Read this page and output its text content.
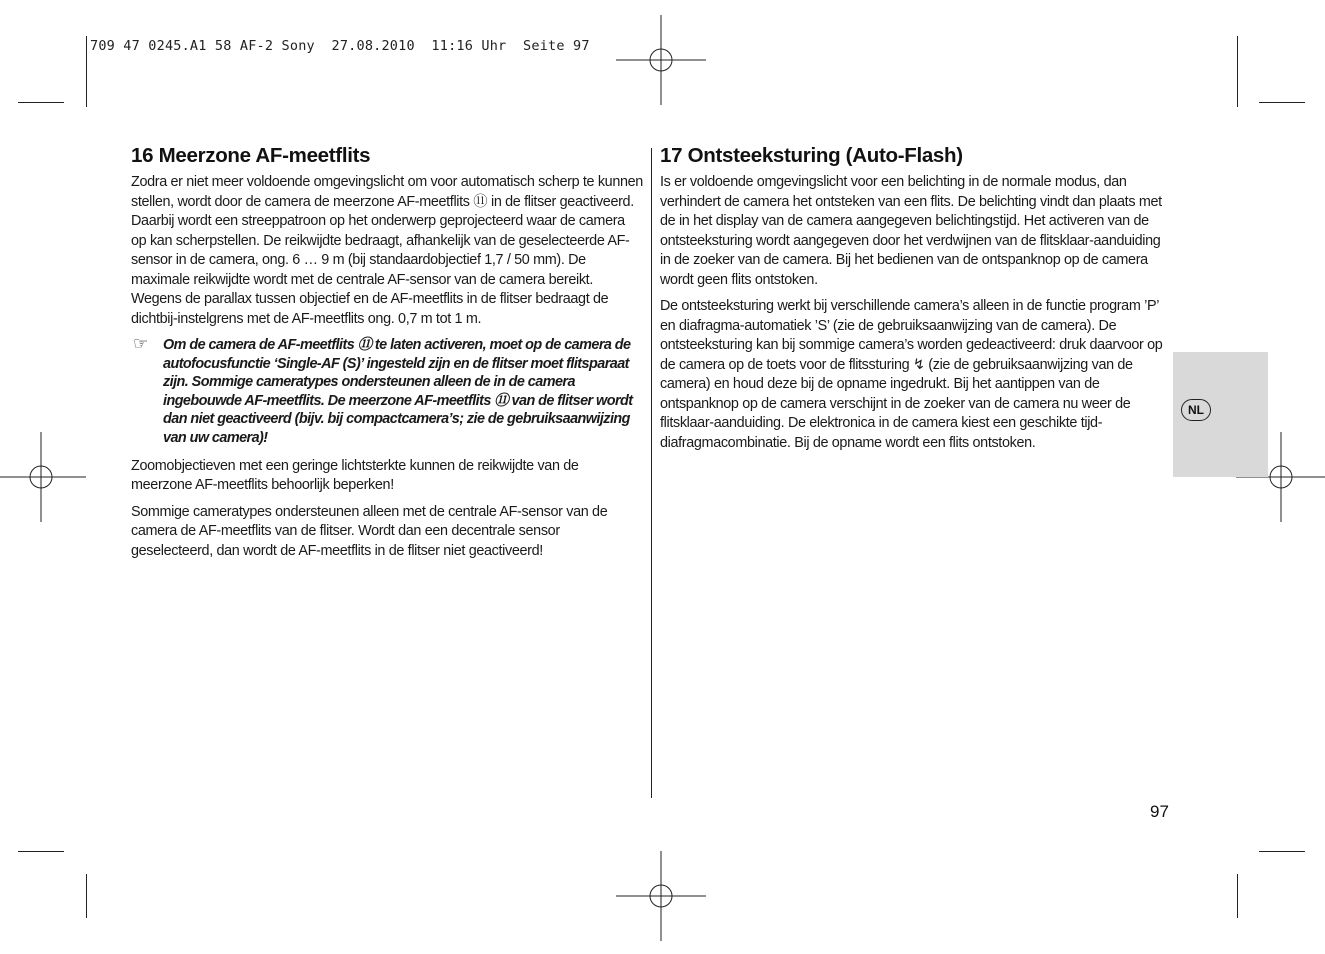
709 47 0245.A1 58 AF-2 Sony  27.08.2010  11:16 Uhr  Seite 97
16 Meerzone AF-meetflits

Zodra er niet meer voldoende omgevingslicht om voor automatisch scherp te kunnen stellen, wordt door de camera de meerzone AF-meetflits ⑪ in de flitser geactiveerd. Daarbij wordt een streeppatroon op het onderwerp geprojecteerd waar de camera op kan scherpstellen. De reikwijdte bedraagt, afhankelijk van de geselecteerde AF-sensor in de camera, ong. 6 … 9 m (bij standaardobjectief 1,7 / 50 mm). De maximale reikwijdte wordt met de centrale AF-sensor van de camera bereikt. Wegens de parallax tussen objectief en de AF-meetflits in de flitser bedraagt de dichtbij-instelgrens met de AF-meetflits ong. 0,7 m tot 1 m.

☞ Om de camera de AF-meetflits ⑪ te laten activeren, moet op de camera de autofocusfunctie ‘Single-AF (S)’ ingesteld zijn en de flitser moet flitsparaat zijn. Sommige cameratypes ondersteunen alleen de in de camera ingebouwde AF-meetflits. De meerzone AF-meetflits ⑪ van de flitser wordt dan niet geactiveerd (bijv. bij compactcamera’s; zie de gebruiksaanwijzing van uw camera)!

Zoomobjectieven met een geringe lichtsterkte kunnen de reikwijdte van de meerzone AF-meetflits behoorlijk beperken!

Sommige cameratypes ondersteunen alleen met de centrale AF-sensor van de camera de AF-meetflits van de flitser. Wordt dan een decentrale sensor geselecteerd, dan wordt de AF-meetflits in de flitser niet geactiveerd!

17 Ontsteeksturing (Auto-Flash)

Is er voldoende omgevingslicht voor een belichting in de normale modus, dan verhindert de camera het ontsteken van een flits. De belichting vindt dan plaats met de in het display van de camera aangegeven belichtingstijd. Het activeren van de ontsteeksturing wordt aangegeven door het verdwijnen van de flitsklaar-aanduiding in de zoeker van de camera. Bij het bedienen van de ontspanknop op de camera wordt geen flits ontstoken.

De ontsteeksturing werkt bij verschillende camera’s alleen in de functie program ’P’ en diafragma-automatiek ’S’ (zie de gebruiksaanwijzing van de camera). De ontsteeksturing kan bij sommige camera’s worden gedeactiveerd: druk daarvoor op de camera op de toets voor de flitssturing ↯ (zie de gebruiksaanwijzing van de camera) en houd deze bij de opname ingedrukt. Bij het aantippen van de ontspanknop op de camera verschijnt in de zoeker van de camera nu weer de flitsklaar-aanduiding. De elektronica in de camera kiest een geschikte tijd-diafragmacombinatie. Bij de opname wordt een flits ontstoken.

NL
97
